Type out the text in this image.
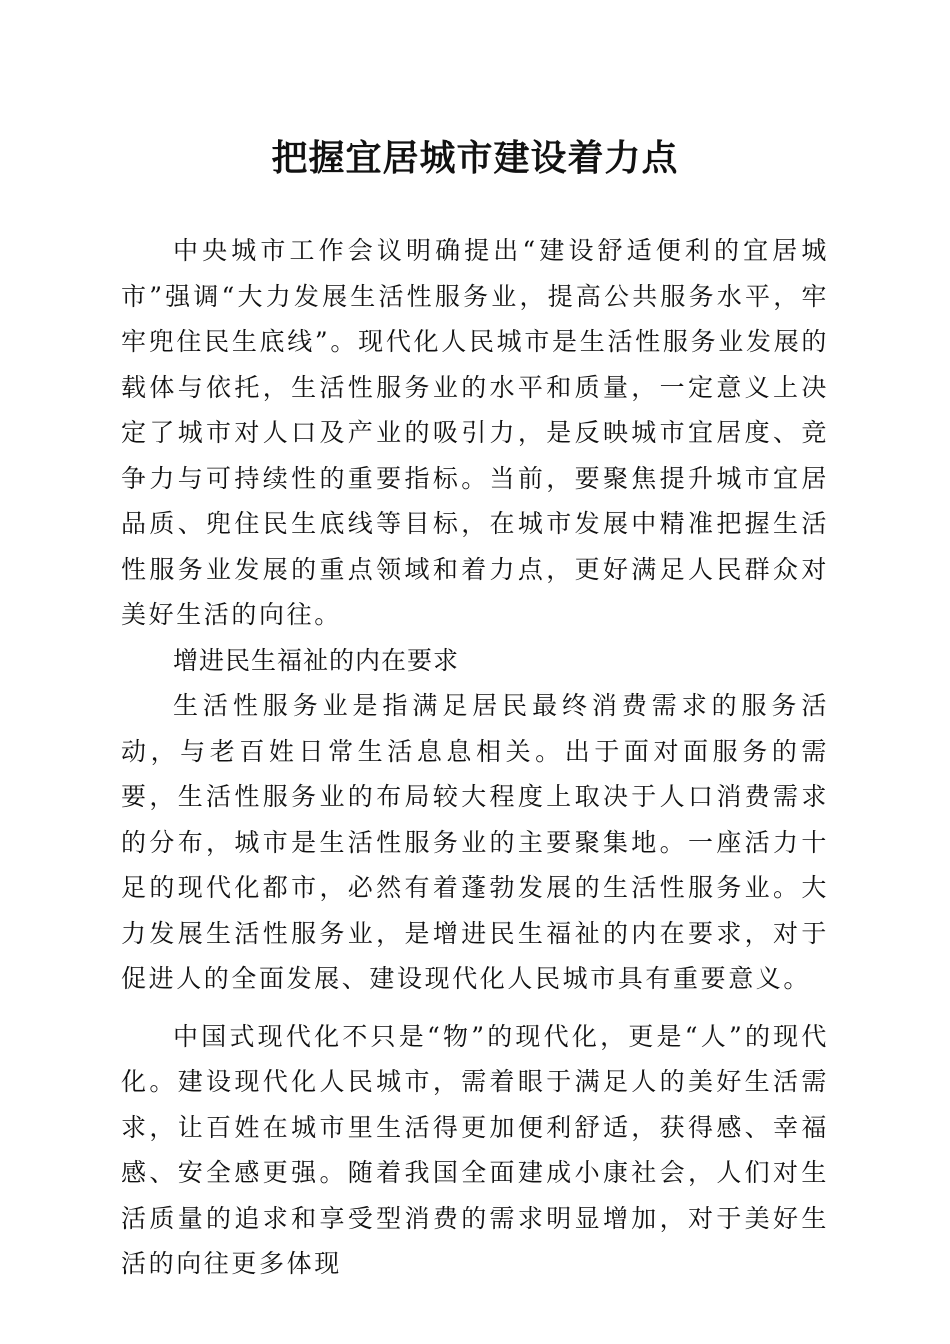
把握宜居城市建设着力点

中央城市工作会议明确提出“建设舒适便利的宜居城市”强调“大力发展生活性服务业，提高公共服务水平，牢牢兜住民生底线”。现代化人民城市是生活性服务业发展的载体与依托，生活性服务业的水平和质量，一定意义上决定了城市对人口及产业的吸引力，是反映城市宜居度、竞争力与可持续性的重要指标。当前，要聚焦提升城市宜居品质、兜住民生底线等目标，在城市发展中精准把握生活性服务业发展的重点领域和着力点，更好满足人民群众对美好生活的向往。

增进民生福祉的内在要求

生活性服务业是指满足居民最终消费需求的服务活动，与老百姓日常生活息息相关。出于面对面服务的需要，生活性服务业的布局较大程度上取决于人口消费需求的分布，城市是生活性服务业的主要聚集地。一座活力十足的现代化都市，必然有着蓬勃发展的生活性服务业。大力发展生活性服务业，是增进民生福祉的内在要求，对于促进人的全面发展、建设现代化人民城市具有重要意义。

中国式现代化不只是“物”的现代化，更是“人”的现代化。建设现代化人民城市，需着眼于满足人的美好生活需求，让百姓在城市里生活得更加便利舒适，获得感、幸福感、安全感更强。随着我国全面建成小康社会，人们对生活质量的追求和享受型消费的需求明显增加，对于美好生活的向往更多体现
